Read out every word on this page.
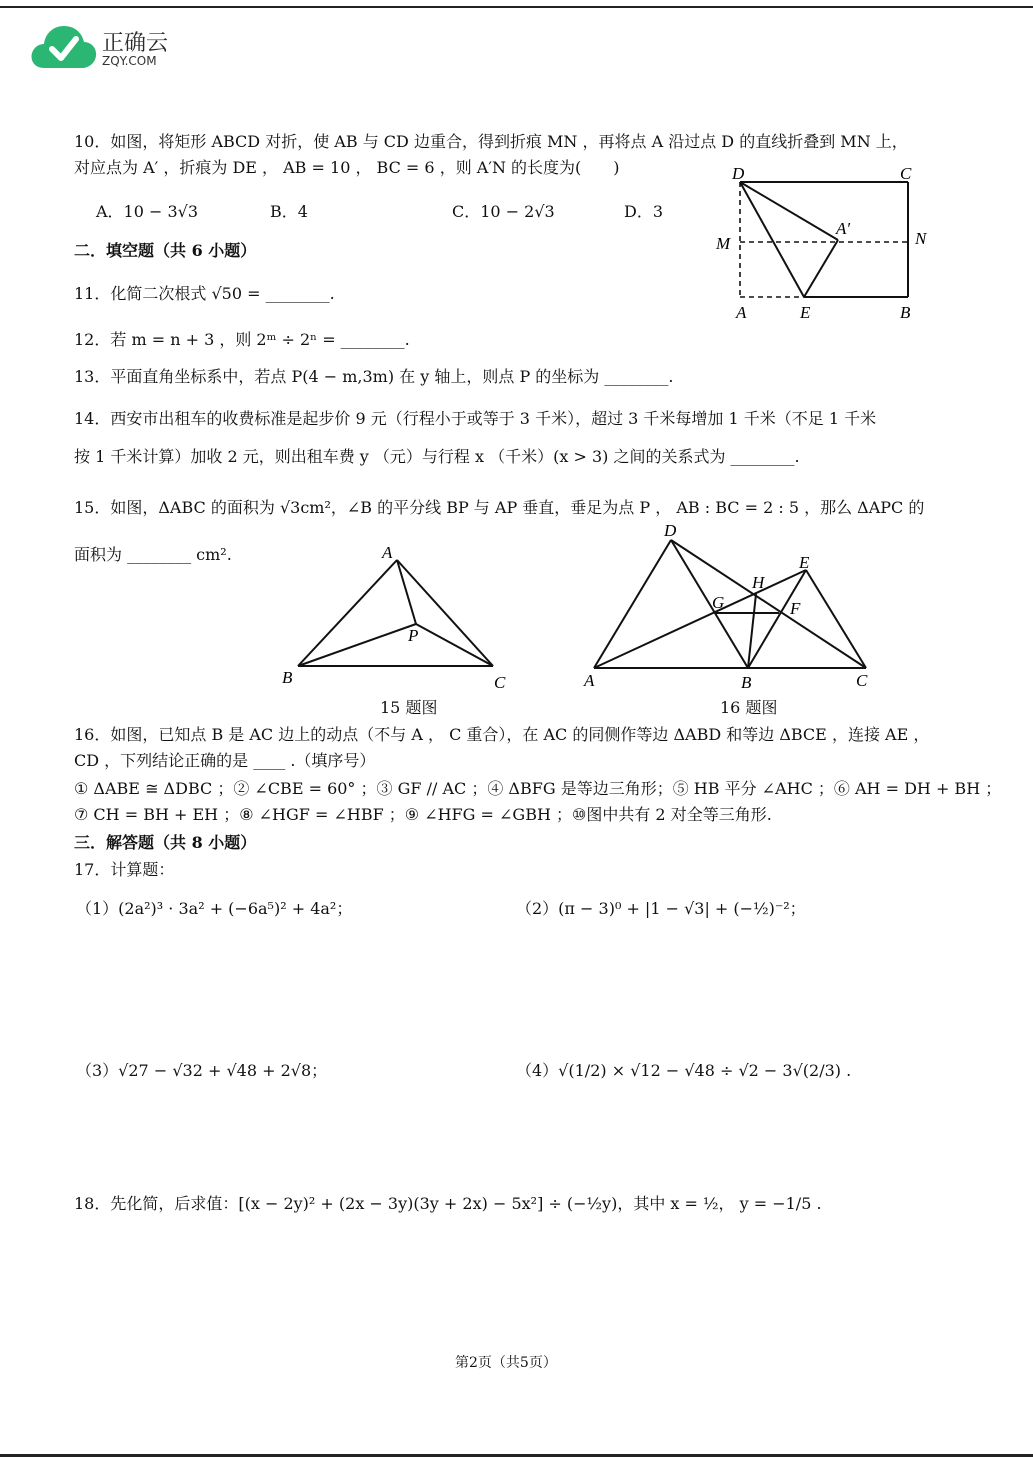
正确云
ZQY.COM
10．如图，将矩形 ABCD 对折，使 AB 与 CD 边重合，得到折痕 MN ，再将点 A 沿过点 D 的直线折叠到 MN 上，
对应点为 A′ ，折痕为 DE ， AB = 10 ， BC = 6 ，则 A′N 的长度为(　　)
A．10 − 3√3	B．4	C．10 − 2√3	D．3
D	C
M
A′
N
A	E	B
二．填空题（共 6 小题）
11．化简二次根式 √50 = ________.
12．若 m = n + 3 ，则 2ᵐ ÷ 2ⁿ = ________.
13．平面直角坐标系中，若点 P(4 − m,3m) 在 y 轴上，则点 P 的坐标为 ________.
14．西安市出租车的收费标准是起步价 9 元（行程小于或等于 3 千米），超过 3 千米每增加 1 千米（不足 1 千米
按 1 千米计算）加收 2 元，则出租车费 y （元）与行程 x （千米）(x > 3) 之间的关系式为 ________.
15．如图，ΔABC 的面积为 √3cm²，∠B 的平分线 BP 与 AP 垂直，垂足为点 P ， AB : BC = 2 : 5 ，那么 ΔAPC 的
面积为 ________ cm².	A
P
B	C
15 题图
D
E
H
G	F
A	B	C
16 题图
16．如图，已知点 B 是 AC 边上的动点（不与 A ， C 重合），在 AC 的同侧作等边 ΔABD 和等边 ΔBCE ，连接 AE ，
CD ，下列结论正确的是 ____ .（填序号）
① ΔABE ≅ ΔDBC ；② ∠CBE = 60° ；③ GF // AC ；④ ΔBFG 是等边三角形；⑤ HB 平分 ∠AHC ；⑥ AH = DH + BH ；
⑦ CH = BH + EH ；⑧ ∠HGF = ∠HBF ；⑨ ∠HFG = ∠GBH ；⑩图中共有 2 对全等三角形.
三．解答题（共 8 小题）
17．计算题：
（1）(2a²)³ · 3a² + (−6a⁵)² + 4a²；	（2）(π − 3)⁰ + |1 − √3| + (−½)⁻²；
（3）√27 − √32 + √48 + 2√8；	（4）√(1/2) × √12 − √48 ÷ √2 − 3√(2/3) .
18．先化简，后求值：[(x − 2y)² + (2x − 3y)(3y + 2x) − 5x²] ÷ (−½y)，其中 x = ½， y = −1/5 .
第2页（共5页）
